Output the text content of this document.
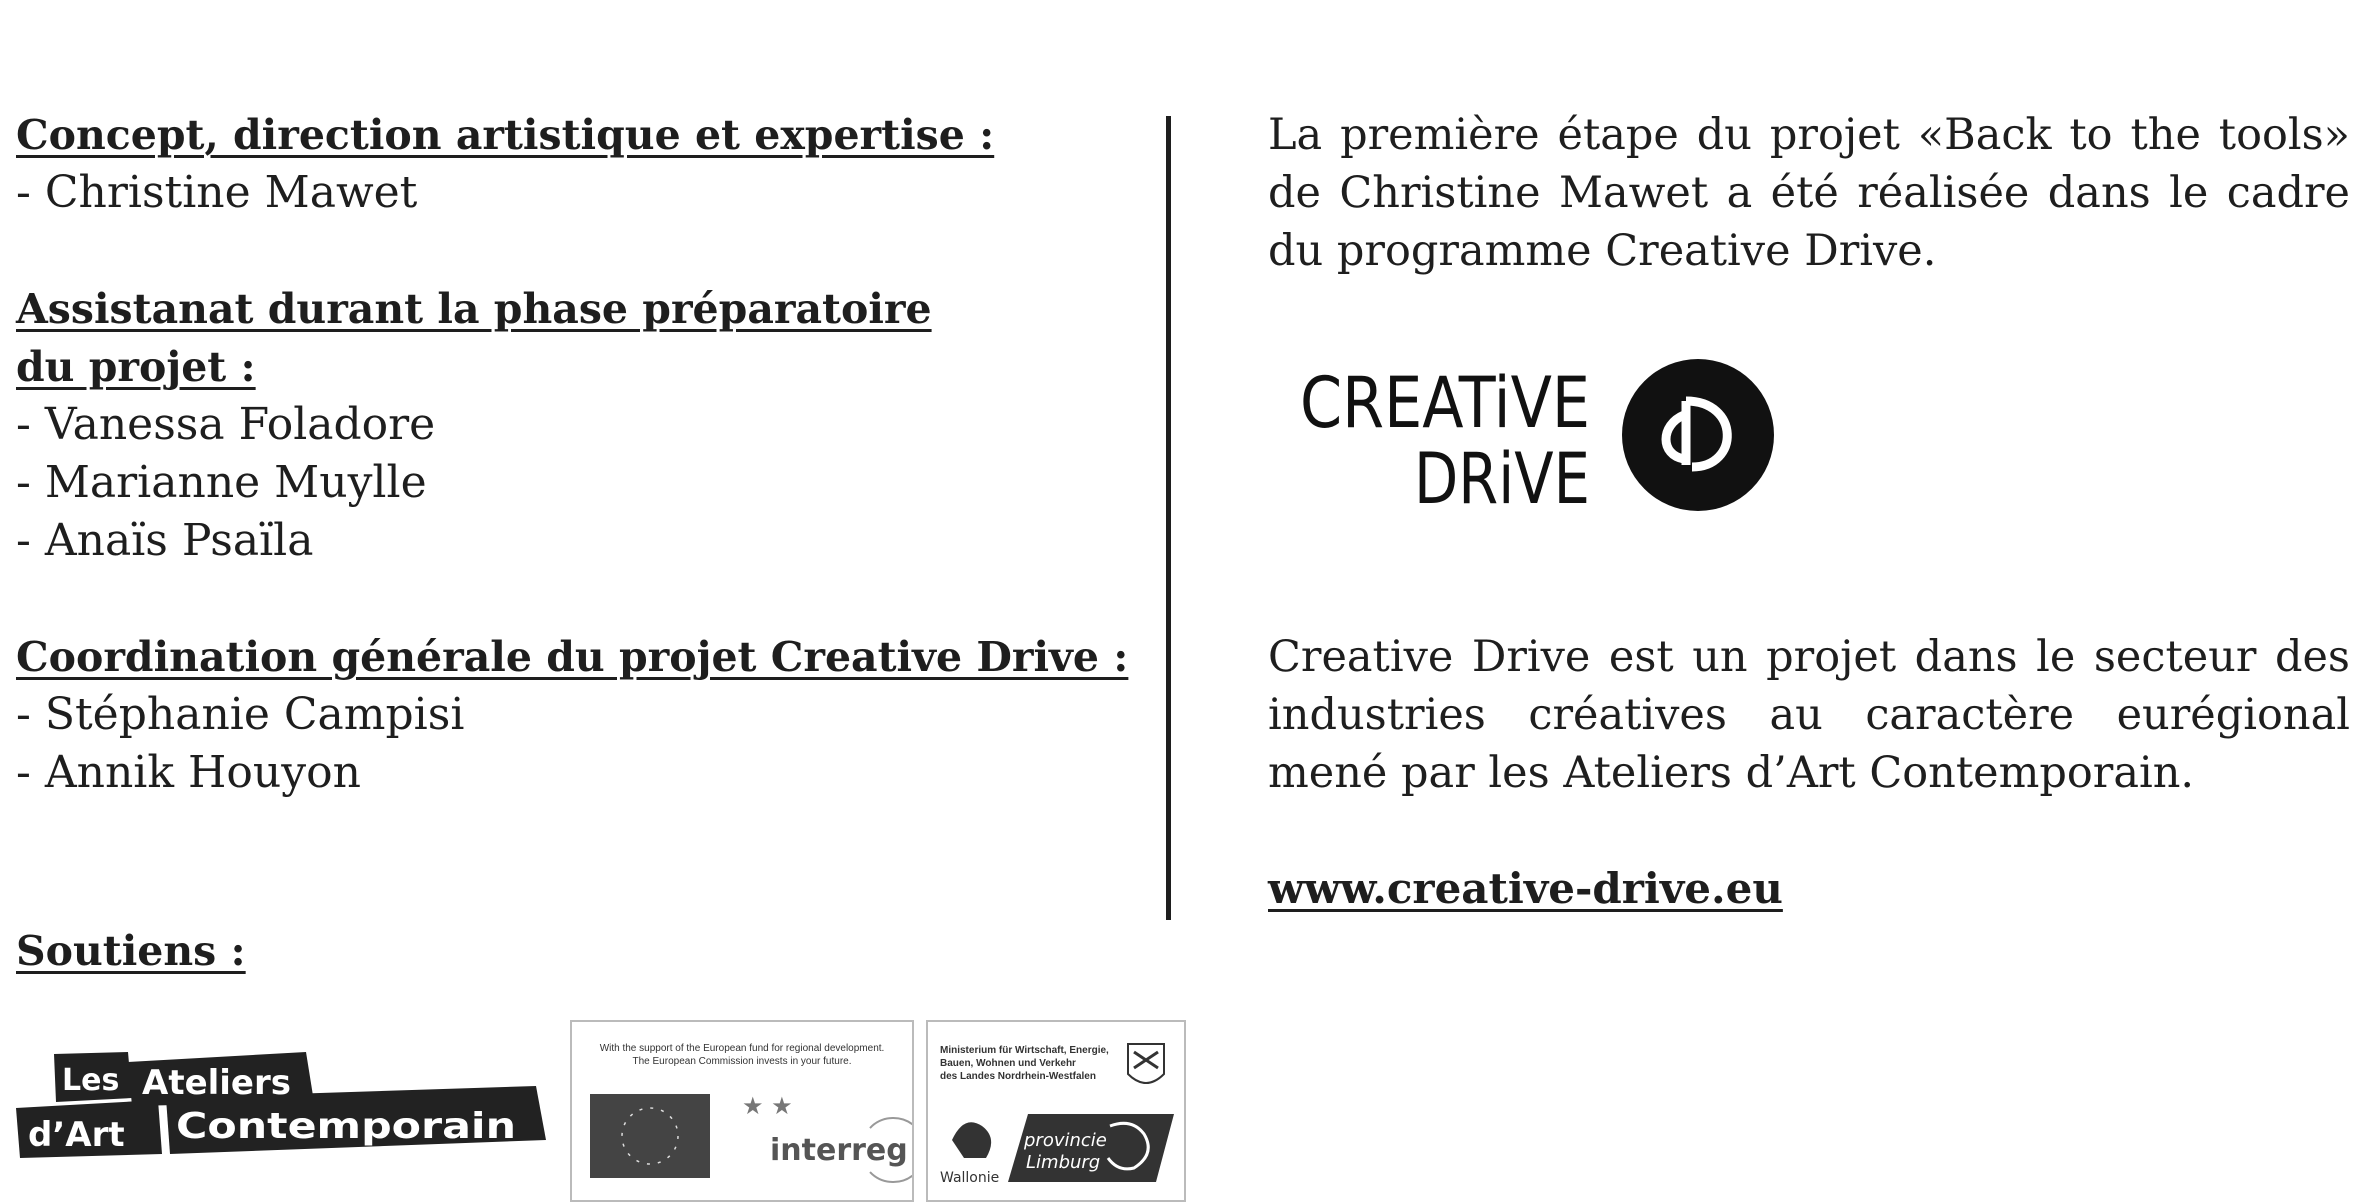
Concept, direction artistique et expertise :

- Christine Mawet

Assistanat durant la phase préparatoire

du projet :

- Vanessa Foladore

- Marianne Muylle

- Anaïs Psaïla

Coordination générale du projet Creative Drive :

- Stéphanie Campisi

- Annik Houyon

La première étape du projet «Back to the tools» de Christine Mawet a été réalisée dans le cadre du programme Creative Drive.

Creative Drive est un projet dans le secteur des industries créatives au caractère eurégional mené par les Ateliers d’Art Contemporain.

www.creative-drive.eu
CREATiVE
DRiVE

Soutiens :

Les Ateliers
d’Art Contemporain
With the support of the European fund for regional development.
The European Commission invests in your future.
★ ★
interreg
Ministerium für Wirtschaft, Energie,
Bauen, Wohnen und Verkehr
des Landes Nordrhein-Westfalen
Wallonie
provincie
Limburg
